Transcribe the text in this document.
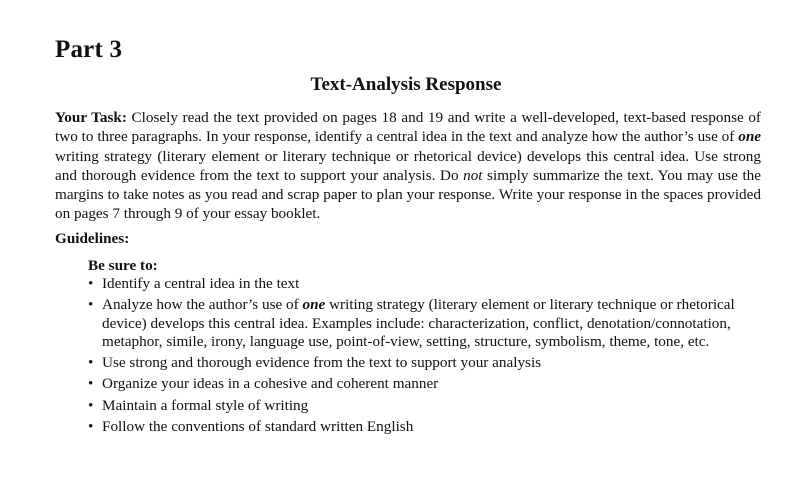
Part 3
Text-Analysis Response

Your Task: Closely read the text provided on pages 18 and 19 and write a well-developed, text-based response of two to three paragraphs. In your response, identify a central idea in the text and analyze how the author’s use of one writing strategy (literary element or literary technique or rhetorical device) develops this central idea. Use strong and thorough evidence from the text to support your analysis. Do not simply summarize the text. You may use the margins to take notes as you read and scrap paper to plan your response. Write your response in the spaces provided on pages 7 through 9 of your essay booklet.

Guidelines:

Be sure to:

• Identify a central idea in the text
• Analyze how the author’s use of one writing strategy (literary element or literary technique or rhetorical device) develops this central idea. Examples include: characterization, conflict, denotation/connotation, metaphor, simile, irony, language use, point-of-view, setting, structure, symbolism, theme, tone, etc.
• Use strong and thorough evidence from the text to support your analysis
• Organize your ideas in a cohesive and coherent manner
• Maintain a formal style of writing
• Follow the conventions of standard written English
